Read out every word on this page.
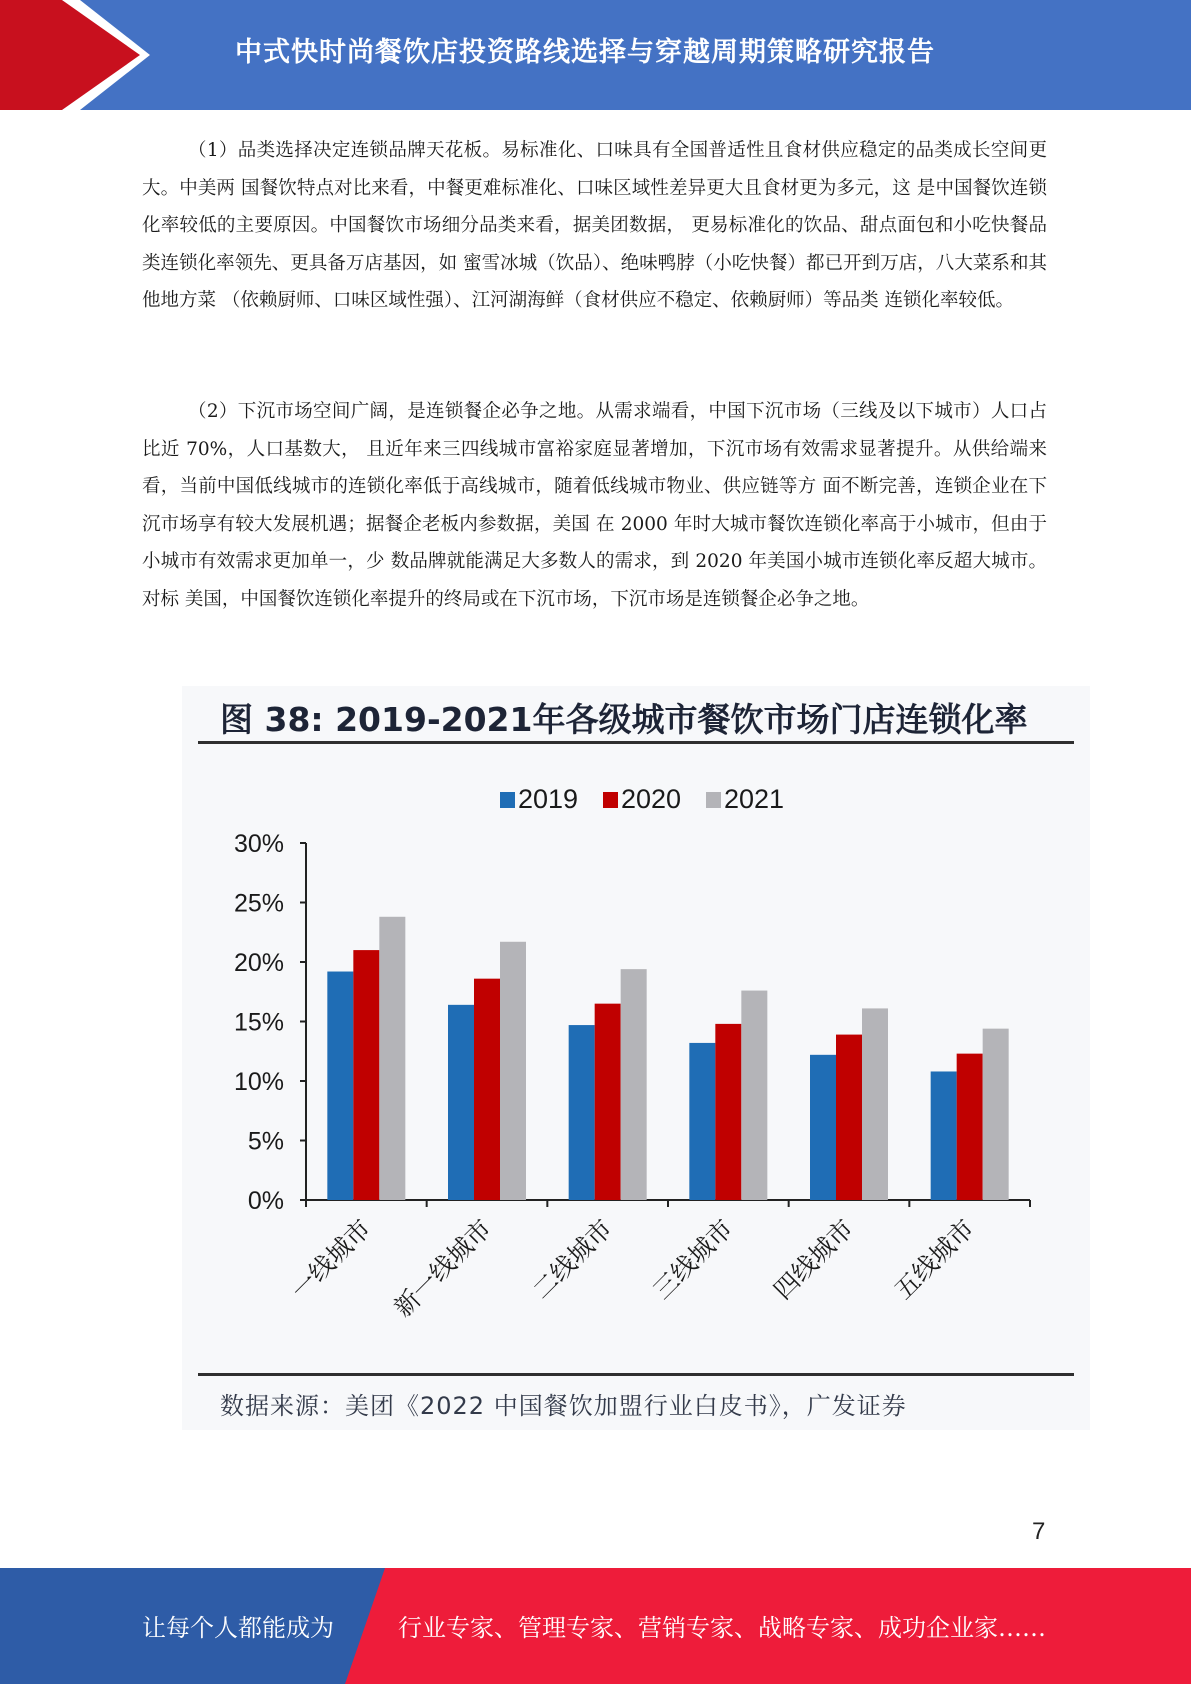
中式快时尚餐饮店投资路线选择与穿越周期策略研究报告

（1）品类选择决定连锁品牌天花板。易标准化、口味具有全国普适性且食材供应稳定的品类成长空间更大。中美两 国餐饮特点对比来看，中餐更难标准化、口味区域性差异更大且食材更为多元，这 是中国餐饮连锁化率较低的主要原因。中国餐饮市场细分品类来看，据美团数据， 更易标准化的饮品、甜点面包和小吃快餐品类连锁化率领先、更具备万店基因，如 蜜雪冰城（饮品）、绝味鸭脖（小吃快餐）都已开到万店，八大菜系和其他地方菜 （依赖厨师、口味区域性强）、江河湖海鲜（食材供应不稳定、依赖厨师）等品类 连锁化率较低。

（2）下沉市场空间广阔，是连锁餐企必争之地。从需求端看，中国下沉市场（三线及以下城市）人口占比近 70%，人口基数大， 且近年来三四线城市富裕家庭显著增加，下沉市场有效需求显著提升。从供给端来 看，当前中国低线城市的连锁化率低于高线城市，随着低线城市物业、供应链等方 面不断完善，连锁企业在下沉市场享有较大发展机遇；据餐企老板内参数据，美国 在 2000 年时大城市餐饮连锁化率高于小城市，但由于小城市有效需求更加单一，少 数品牌就能满足大多数人的需求，到 2020 年美国小城市连锁化率反超大城市。对标 美国，中国餐饮连锁化率提升的终局或在下沉市场，下沉市场是连锁餐企必争之地。

图 38: 2019-2021年各级城市餐饮市场门店连锁化率
0%
5%
10%
15%
20%
25%
30%
一线城市 新一线城市 二线城市 三线城市 四线城市 五线城市
2019 2020 2021
数据来源：美团《2022 中国餐饮加盟行业白皮书》，广发证券
7
让每个人都能成为	行业专家、管理专家、营销专家、战略专家、成功企业家……
